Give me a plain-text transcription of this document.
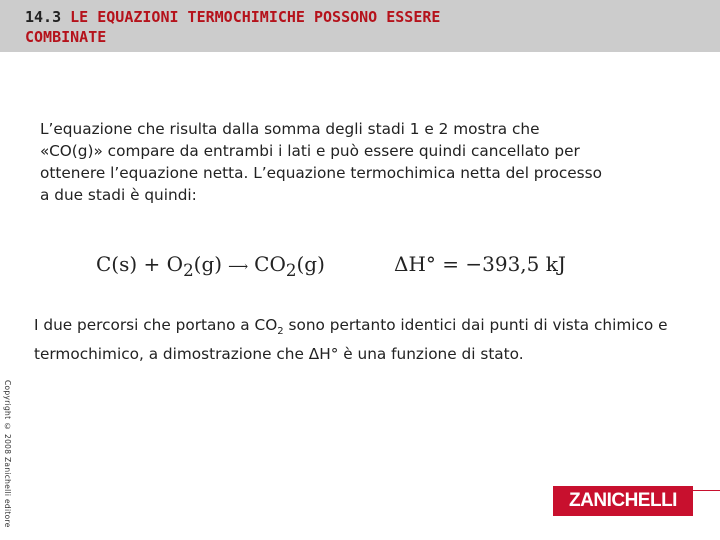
14.3 LE EQUAZIONI TERMOCHIMICHE POSSONO ESSERE
COMBINATE

L’equazione che risulta dalla somma degli stadi 1 e 2 mostra che
«CO(g)» compare da entrambi i lati e può essere quindi cancellato per
ottenere l’equazione netta. L’equazione termochimica netta del processo
a due stadi è quindi:

$C(s) + O_2(g)$ ⟶ $CO_2(g)$	ΔH° = −393,5 kJ

I due percorsi che portano a $CO_2$ sono pertanto identici dai punti di vista chimico e termochimico, a dimostrazione che ΔH° è una funzione di stato.

Copyright © 2008 Zanichelli editore	ZANICHELLI
